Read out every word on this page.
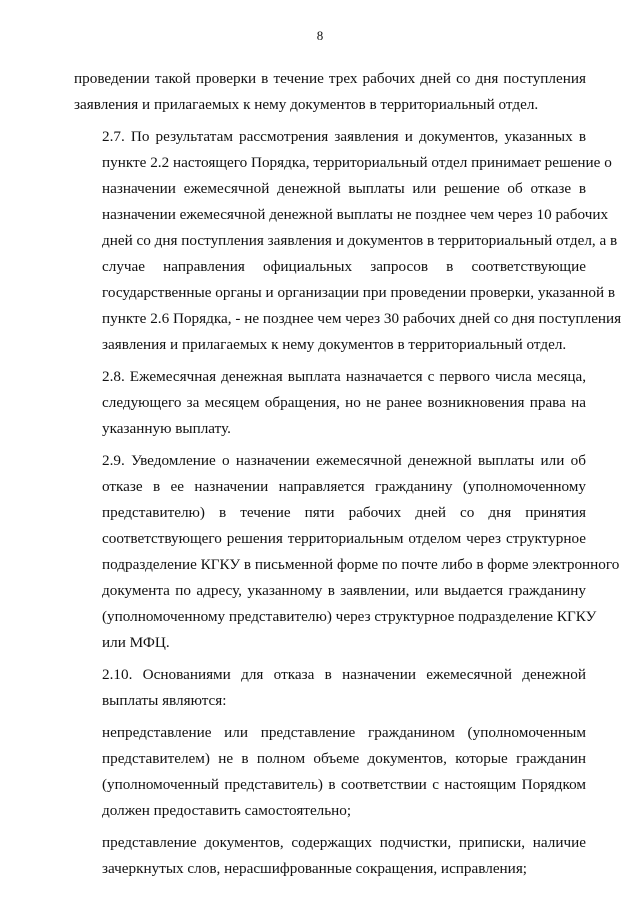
8

проведении такой проверки в течение трех рабочих дней со дня поступления
заявления и прилагаемых к нему документов в территориальный отдел.

2.7. По результатам рассмотрения заявления и документов, указанных в
пункте 2.2 настоящего Порядка, территориальный отдел принимает решение о
назначении ежемесячной денежной выплаты или решение об отказе в
назначении ежемесячной денежной выплаты не позднее чем через 10 рабочих
дней со дня поступления заявления и документов в территориальный отдел, а в
случае направления официальных запросов в соответствующие
государственные органы и организации при проведении проверки, указанной в
пункте 2.6 Порядка, - не позднее чем через 30 рабочих дней со дня поступления
заявления и прилагаемых к нему документов в территориальный отдел.

2.8. Ежемесячная денежная выплата назначается с первого числа месяца,
следующего за месяцем обращения, но не ранее возникновения права на
указанную выплату.

2.9. Уведомление о назначении ежемесячной денежной выплаты или об
отказе в ее назначении направляется гражданину (уполномоченному
представителю) в течение пяти рабочих дней со дня принятия
соответствующего решения территориальным отделом через структурное
подразделение КГКУ в письменной форме по почте либо в форме электронного
документа по адресу, указанному в заявлении, или выдается гражданину
(уполномоченному представителю) через структурное подразделение КГКУ
или МФЦ.

2.10. Основаниями для отказа в назначении ежемесячной денежной
выплаты являются:

непредставление или представление гражданином (уполномоченным
представителем) не в полном объеме документов, которые гражданин
(уполномоченный представитель) в соответствии с настоящим Порядком
должен предоставить самостоятельно;

представление документов, содержащих подчистки, приписки, наличие
зачеркнутых слов, нерасшифрованные сокращения, исправления;
